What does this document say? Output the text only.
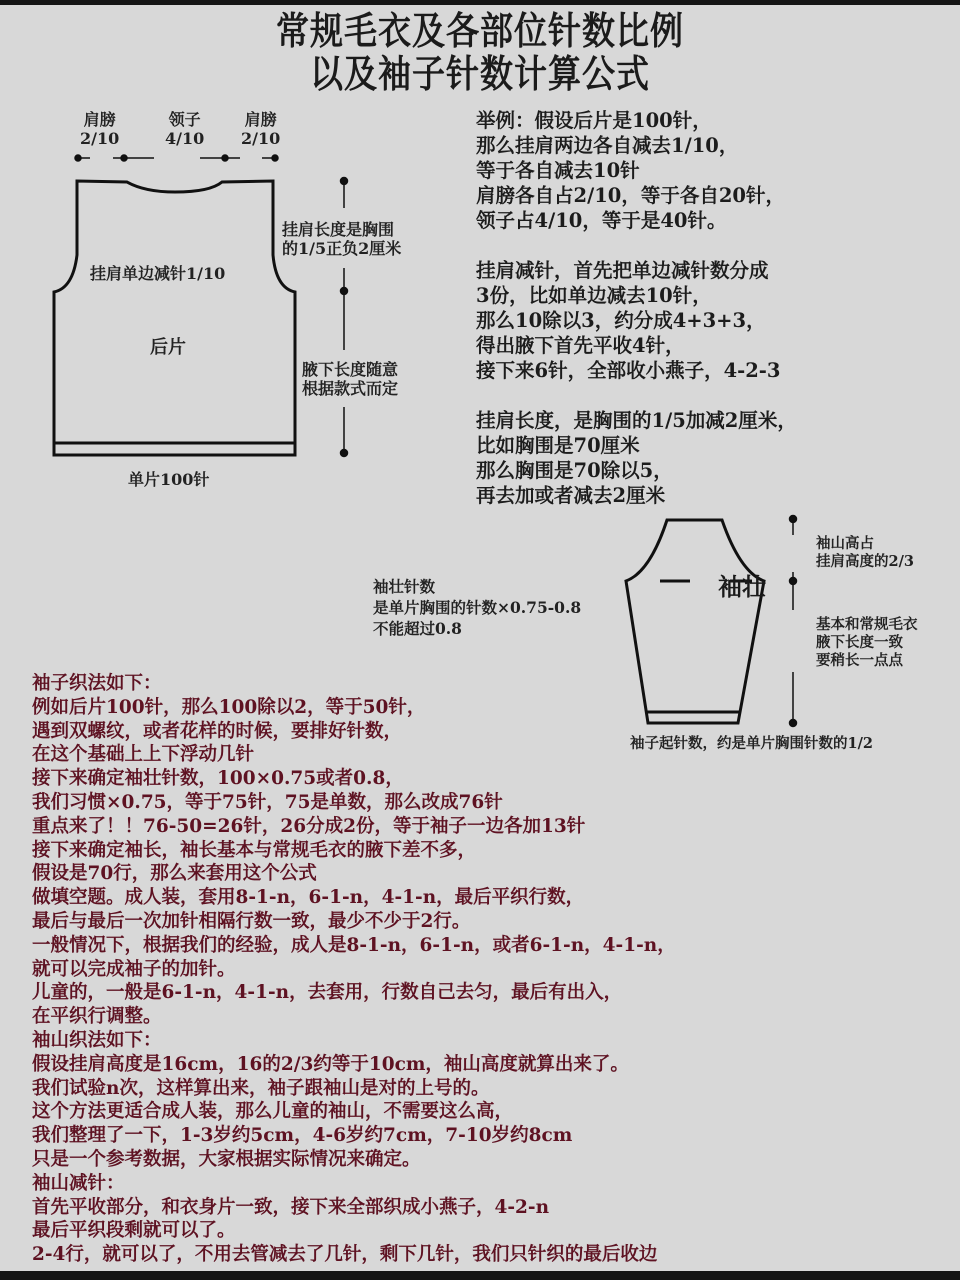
常规毛衣及各部位针数比例
以及袖子针数计算公式
肩膀
2/10
领子
4/10
肩膀
2/10
挂肩长度是胸围
的1/5正负2厘米
挂肩单边减针1/10
后片
腋下长度随意
根据款式而定
单片100针
举例：假设后片是100针，
那么挂肩两边各自减去1/10，
等于各自减去10针
肩膀各自占2/10，等于各自20针，
领子占4/10，等于是40针。
挂肩减针，首先把单边减针数分成
3份，比如单边减去10针，
那么10除以3，约分成4+3+3，
得出腋下首先平收4针，
接下来6针，全部收小燕子，4-2-3
挂肩长度，是胸围的1/5加减2厘米，
比如胸围是70厘米
那么胸围是70除以5，
再去加或者减去2厘米
袖壮
袖壮针数
是单片胸围的针数×0.75-0.8
不能超过0.8
袖山高占
挂肩高度的2/3
基本和常规毛衣
腋下长度一致
要稍长一点点
袖子起针数，约是单片胸围针数的1/2
袖子织法如下：
例如后片100针，那么100除以2，等于50针，
遇到双螺纹，或者花样的时候，要排好针数，
在这个基础上上下浮动几针
接下来确定袖壮针数，100×0.75或者0.8，
我们习惯×0.75，等于75针，75是单数，那么改成76针
重点来了！！76-50=26针，26分成2份，等于袖子一边各加13针
接下来确定袖长，袖长基本与常规毛衣的腋下差不多，
假设是70行，那么来套用这个公式
做填空题。成人装，套用8-1-n，6-1-n，4-1-n，最后平织行数，
最后与最后一次加针相隔行数一致，最少不少于2行。
一般情况下，根据我们的经验，成人是8-1-n，6-1-n，或者6-1-n，4-1-n，
就可以完成袖子的加针。
儿童的，一般是6-1-n，4-1-n，去套用，行数自己去匀，最后有出入，
在平织行调整。
袖山织法如下：
假设挂肩高度是16cm，16的2/3约等于10cm，袖山高度就算出来了。
我们试验n次，这样算出来，袖子跟袖山是对的上号的。
这个方法更适合成人装，那么儿童的袖山，不需要这么高，
我们整理了一下，1-3岁约5cm，4-6岁约7cm，7-10岁约8cm
只是一个参考数据，大家根据实际情况来确定。
袖山减针：
首先平收部分，和衣身片一致，接下来全部织成小燕子，4-2-n
最后平织段剩就可以了。
2-4行，就可以了，不用去管减去了几针，剩下几针，我们只针织的最后收边
